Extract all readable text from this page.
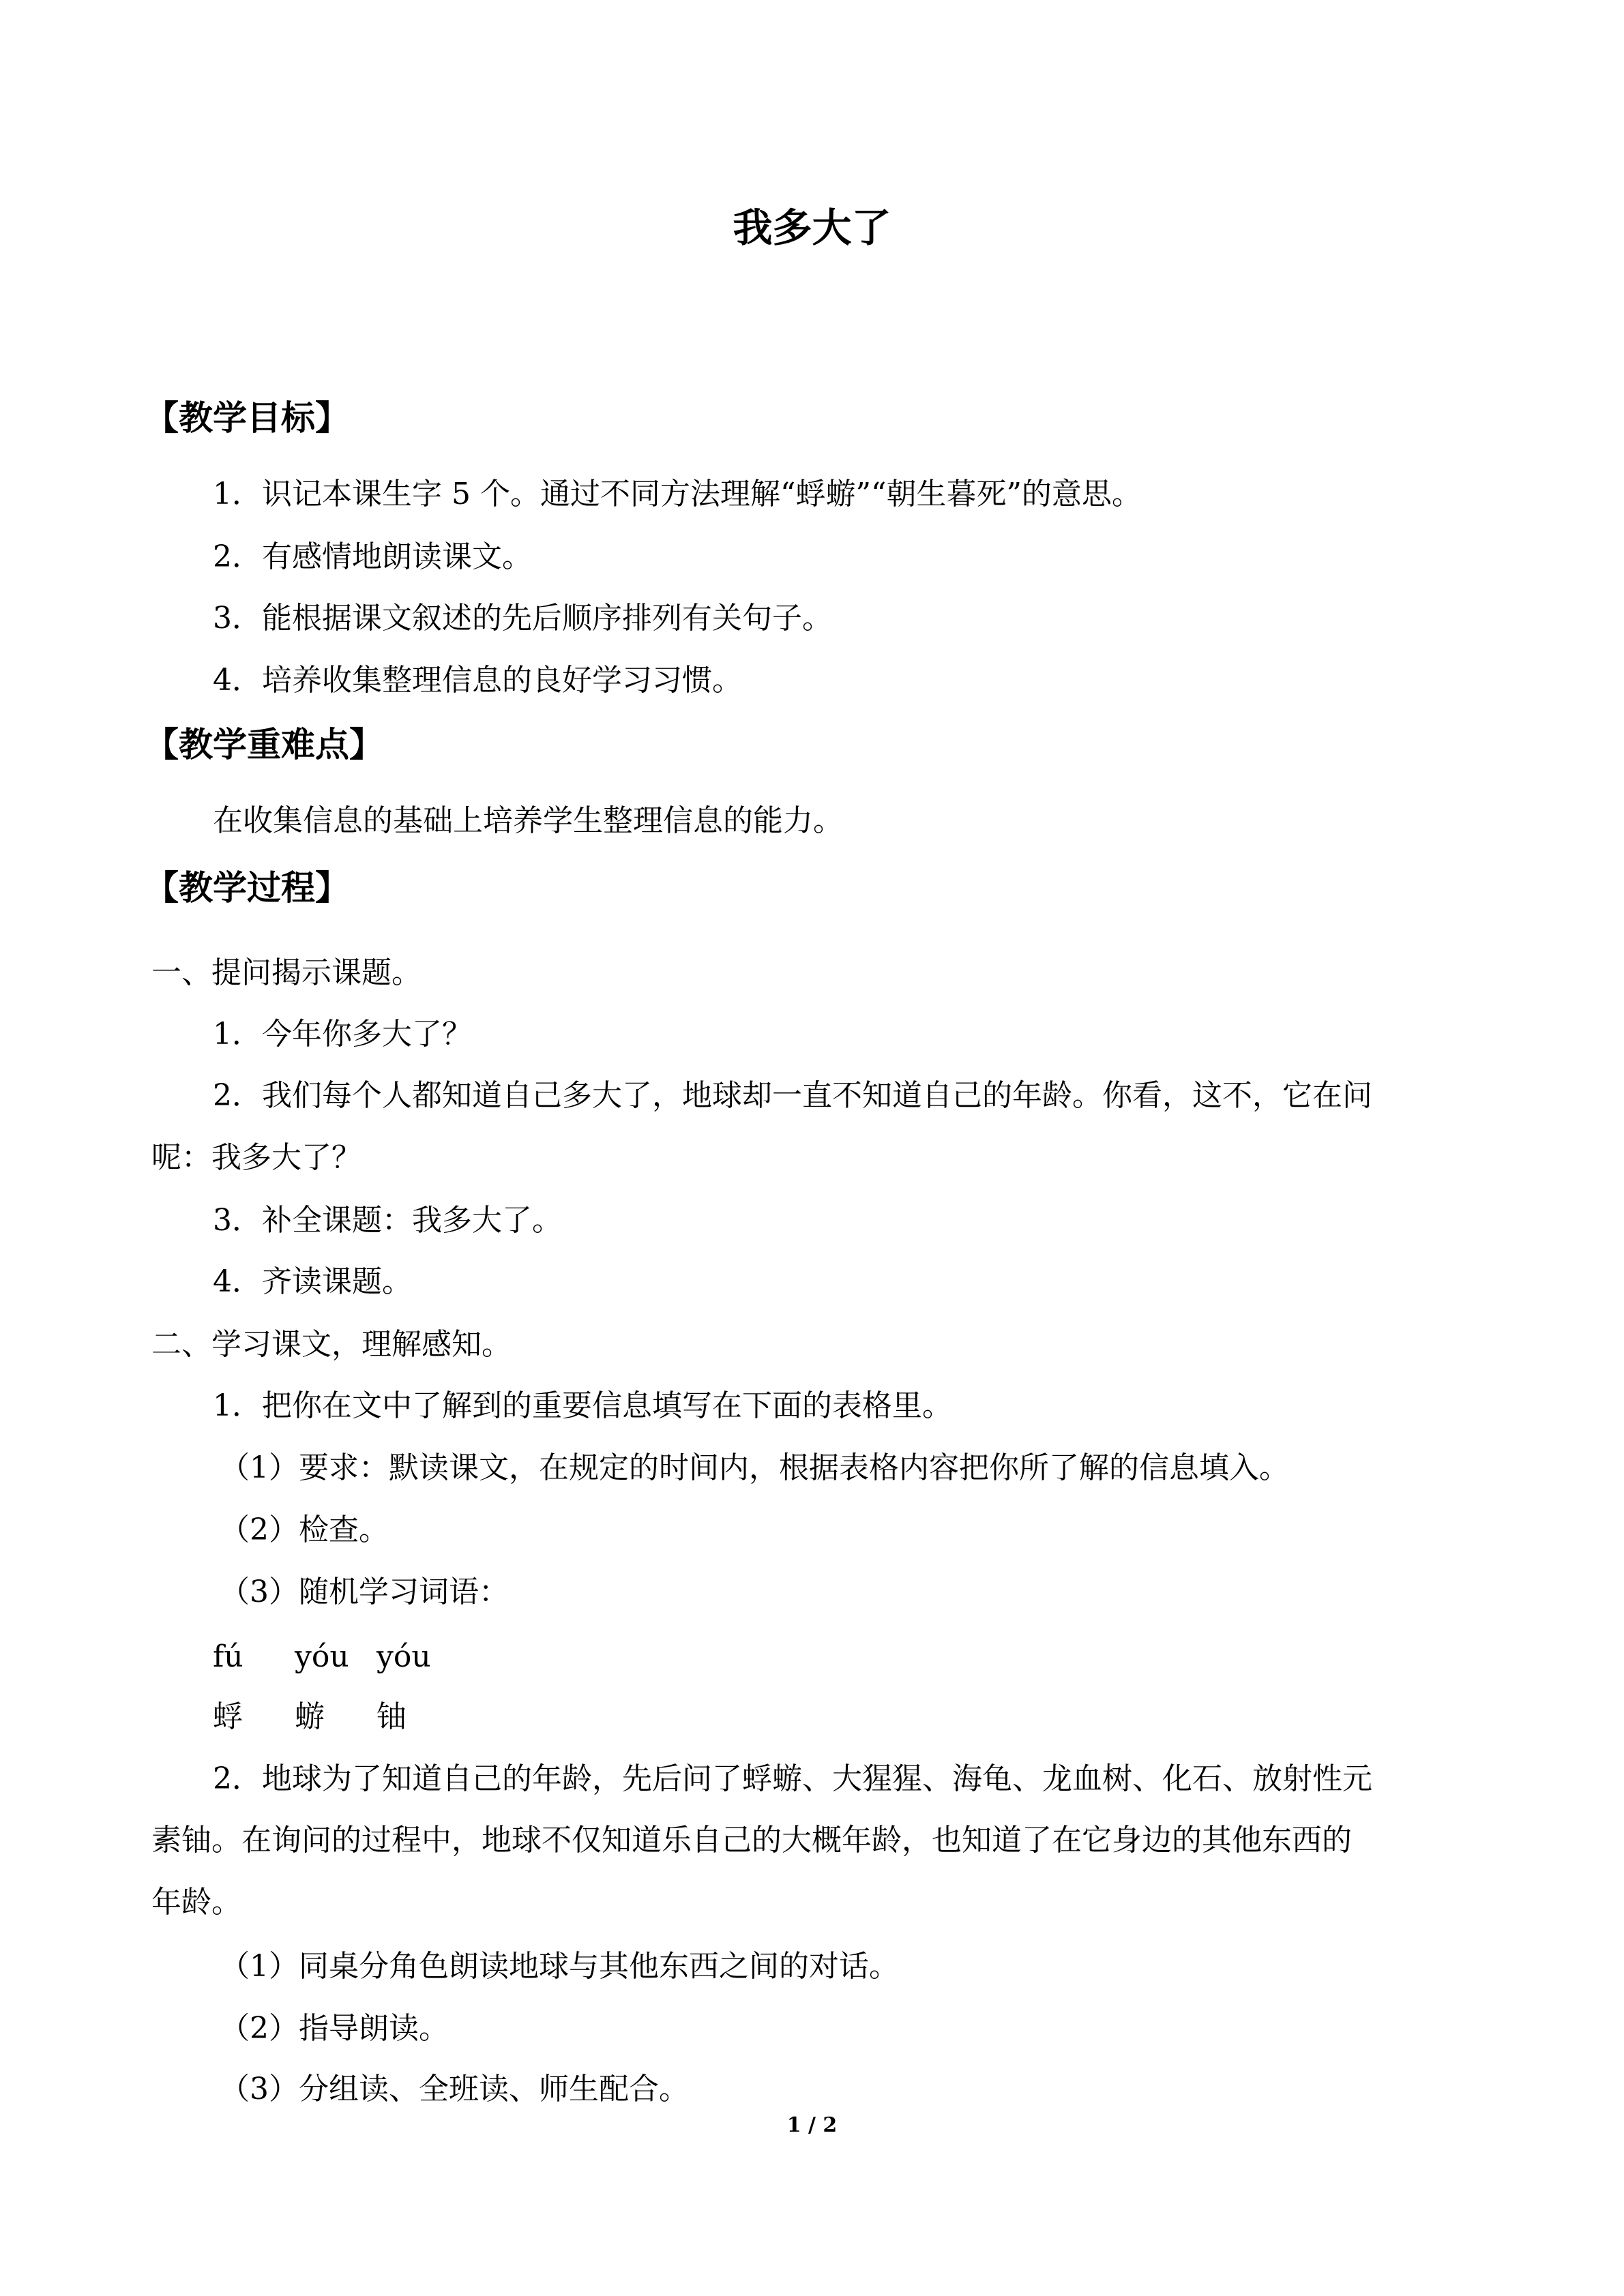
我多大了
【教学目标】
1．识记本课生字 5 个。通过不同方法理解“蜉蝣”“朝生暮死”的意思。
2．有感情地朗读课文。
3．能根据课文叙述的先后顺序排列有关句子。
4．培养收集整理信息的良好学习习惯。
【教学重难点】
在收集信息的基础上培养学生整理信息的能力。
【教学过程】
一、提问揭示课题。
1．今年你多大了？
2．我们每个人都知道自己多大了，地球却一直不知道自己的年龄。你看，这不，它在问
呢：我多大了？
3．补全课题：我多大了。
4．齐读课题。
二、学习课文，理解感知。
1．把你在文中了解到的重要信息填写在下面的表格里。
（1）要求：默读课文，在规定的时间内，根据表格内容把你所了解的信息填入。
（2）检查。
（3）随机学习词语：
fú yóu yóu
蜉 蝣 铀
2．地球为了知道自己的年龄，先后问了蜉蝣、大猩猩、海龟、龙血树、化石、放射性元
素铀。在询问的过程中，地球不仅知道乐自己的大概年龄，也知道了在它身边的其他东西的
年龄。
（1）同桌分角色朗读地球与其他东西之间的对话。
（2）指导朗读。
（3）分组读、全班读、师生配合。
1 / 2
